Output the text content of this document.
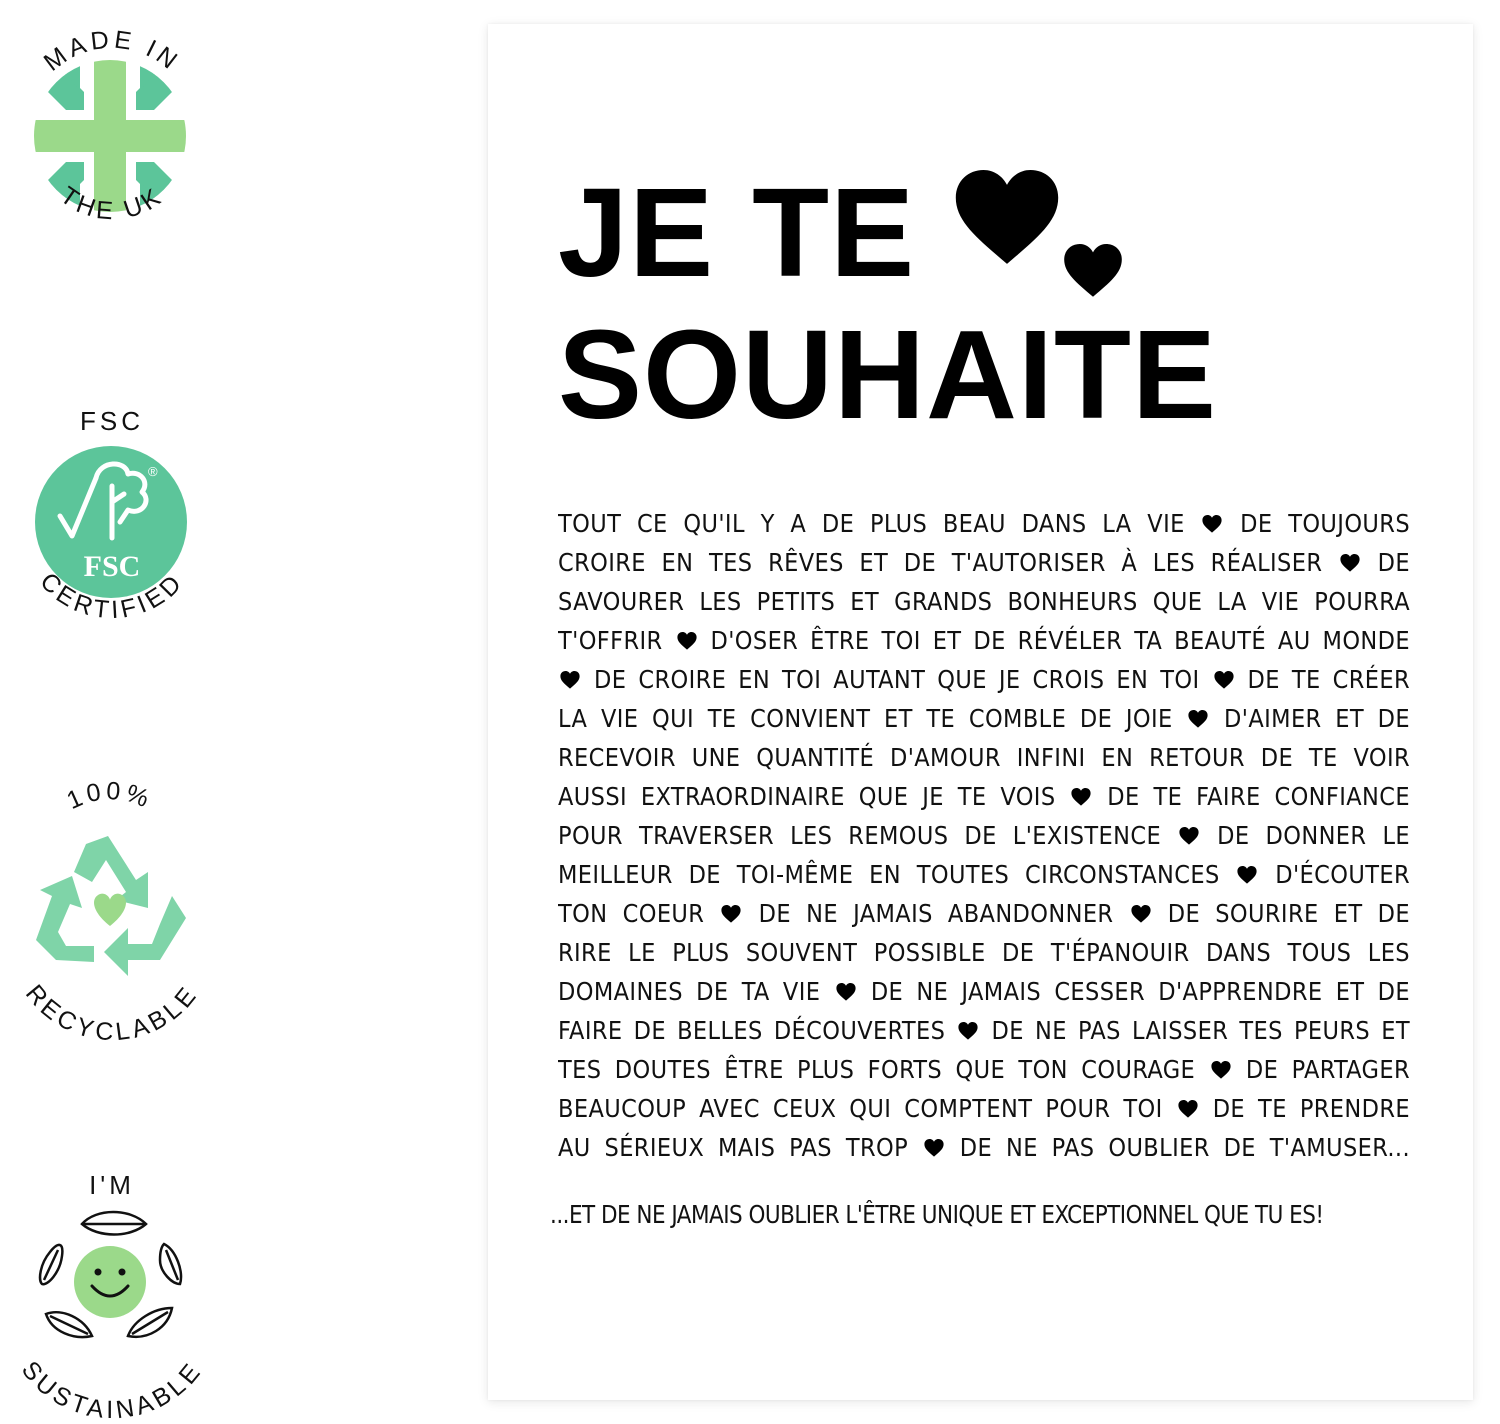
MADE IN
THE UK
FSC
®
FSC
CERTIFIED
100%
RECYCLABLE
I'M
SUSTAINABLE
JE TE
SOUHAITE
TOUT CE QU'IL Y A DE PLUS BEAU DANS LA VIE DE TOUJOURS
CROIRE EN TES RÊVES ET DE T'AUTORISER À LES RÉALISER DE
SAVOURER LES PETITS ET GRANDS BONHEURS QUE LA VIE POURRA
T'OFFRIR D'OSER ÊTRE TOI ET DE RÉVÉLER TA BEAUTÉ AU MONDE
DE CROIRE EN TOI AUTANT QUE JE CROIS EN TOI DE TE CRÉER
LA VIE QUI TE CONVIENT ET TE COMBLE DE JOIE D'AIMER ET DE
RECEVOIR UNE QUANTITÉ D'AMOUR INFINI EN RETOUR DE TE VOIR
AUSSI EXTRAORDINAIRE QUE JE TE VOIS DE TE FAIRE CONFIANCE
POUR TRAVERSER LES REMOUS DE L'EXISTENCE DE DONNER LE
MEILLEUR DE TOI-MÊME EN TOUTES CIRCONSTANCES D'ÉCOUTER
TON COEUR DE NE JAMAIS ABANDONNER DE SOURIRE ET DE
RIRE LE PLUS SOUVENT POSSIBLE DE T'ÉPANOUIR DANS TOUS LES
DOMAINES DE TA VIE DE NE JAMAIS CESSER D'APPRENDRE ET DE
FAIRE DE BELLES DÉCOUVERTES DE NE PAS LAISSER TES PEURS ET
TES DOUTES ÊTRE PLUS FORTS QUE TON COURAGE DE PARTAGER
BEAUCOUP AVEC CEUX QUI COMPTENT POUR TOI DE TE PRENDRE
AU SÉRIEUX MAIS PAS TROP DE NE PAS OUBLIER DE T'AMUSER...
...ET DE NE JAMAIS OUBLIER L'ÊTRE UNIQUE ET EXCEPTIONNEL QUE TU ES!
